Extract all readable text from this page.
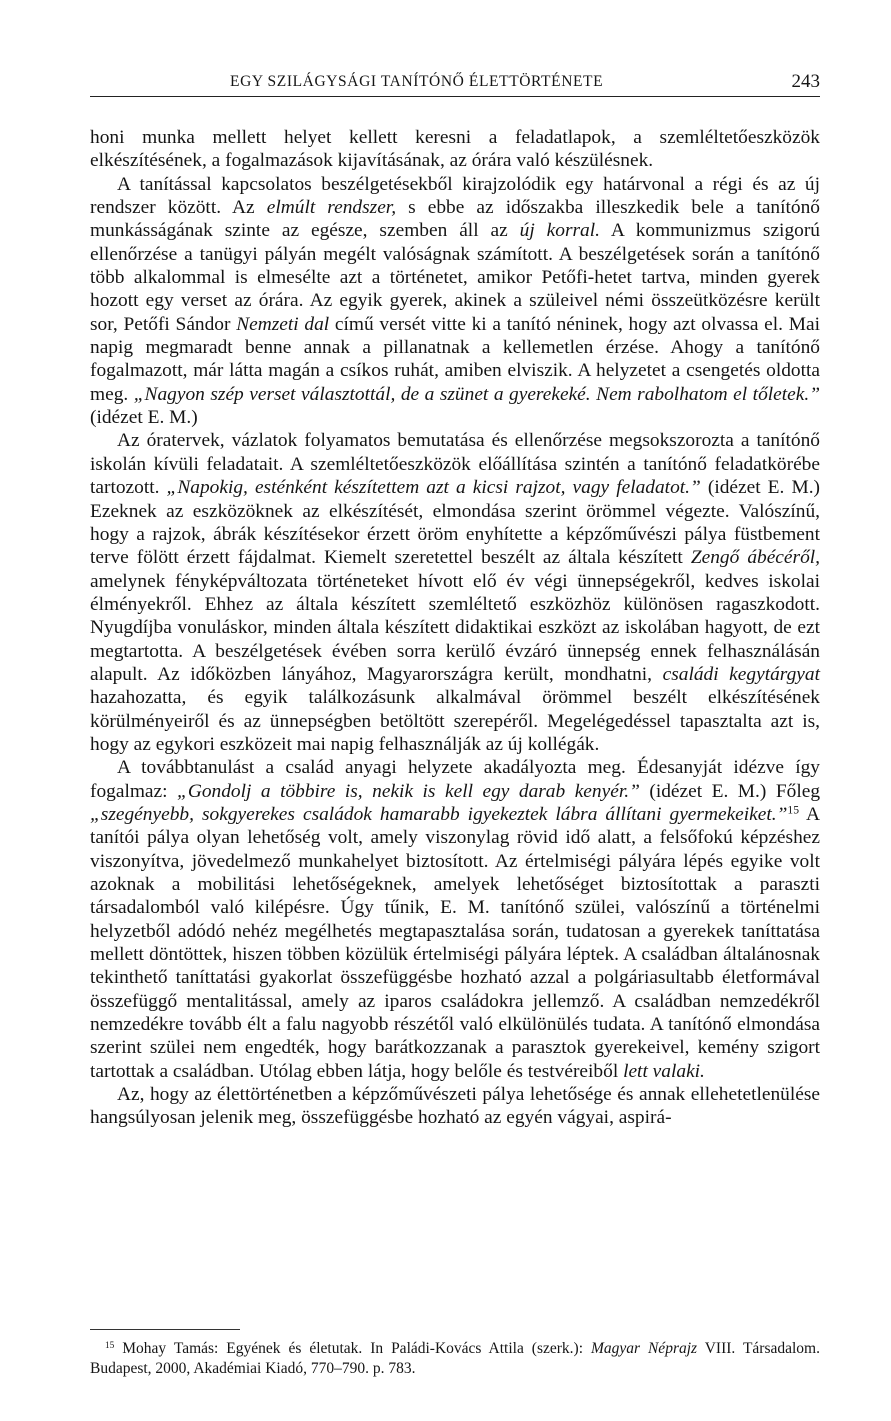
EGY SZILÁGYSÁGI TANÍTÓNŐ ÉLETTÖRTÉNETE	243

honi munka mellett helyet kellett keresni a feladatlapok, a szemléltetőeszközök elkészítésének, a fogalmazások kijavításának, az órára való készülésnek.

A tanítással kapcsolatos beszélgetésekből kirajzolódik egy határvonal a régi és az új rendszer között. Az elmúlt rendszer, s ebbe az időszakba illeszkedik bele a tanítónő munkásságának szinte az egésze, szemben áll az új korral. A kommunizmus szigorú ellenőrzése a tanügyi pályán megélt valóságnak számított. A beszélgetések során a tanítónő több alkalommal is elmesélte azt a történetet, amikor Petőfi-hetet tartva, minden gyerek hozott egy verset az órára. Az egyik gyerek, akinek a szüleivel némi összeütközésre került sor, Petőfi Sándor Nemzeti dal című versét vitte ki a tanító néninek, hogy azt olvassa el. Mai napig megmaradt benne annak a pillanatnak a kellemetlen érzése. Ahogy a tanítónő fogalmazott, már látta magán a csíkos ruhát, amiben elviszik. A helyzetet a csengetés oldotta meg. „Nagyon szép verset választottál, de a szünet a gyerekeké. Nem rabolhatom el tőletek.” (idézet E. M.)

Az óratervek, vázlatok folyamatos bemutatása és ellenőrzése megsokszorozta a tanítónő iskolán kívüli feladatait. A szemléltetőeszközök előállítása szintén a tanítónő feladatkörébe tartozott. „Napokig, esténként készítettem azt a kicsi rajzot, vagy feladatot.” (idézet E. M.) Ezeknek az eszközöknek az elkészítését, elmondása szerint örömmel végezte. Valószínű, hogy a rajzok, ábrák készítésekor érzett öröm enyhítette a képzőművészi pálya füstbement terve fölött érzett fájdalmat. Kiemelt szeretettel beszélt az általa készített Zengő ábécéről, amelynek fényképváltozata történeteket hívott elő év végi ünnepségekről, kedves iskolai élményekről. Ehhez az általa készített szemléltető eszközhöz különösen ragaszkodott. Nyugdíjba vonuláskor, minden általa készített didaktikai eszközt az iskolában hagyott, de ezt megtartotta. A beszélgetések évében sorra kerülő évzáró ünnepség ennek felhasználásán alapult. Az időközben lányához, Magyarországra került, mondhatni, családi kegytárgyat hazahozatta, és egyik találkozásunk alkalmával örömmel beszélt elkészítésének körülményeiről és az ünnepségben betöltött szerepéről. Megelégedéssel tapasztalta azt is, hogy az egykori eszközeit mai napig felhasználják az új kollégák.

A továbbtanulást a család anyagi helyzete akadályozta meg. Édesanyját idézve így fogalmaz: „Gondolj a többire is, nekik is kell egy darab kenyér.” (idézet E. M.) Főleg „szegényebb, sokgyerekes családok hamarabb igyekeztek lábra állítani gyermekeiket.”$^{15}$ A tanítói pálya olyan lehetőség volt, amely viszonylag rövid idő alatt, a felsőfokú képzéshez viszonyítva, jövedelmező munkahelyet biztosított. Az értelmiségi pályára lépés egyike volt azoknak a mobilitási lehetőségeknek, amelyek lehetőséget biztosítottak a paraszti társadalomból való kilépésre. Úgy tűnik, E. M. tanítónő szülei, valószínű a történelmi helyzetből adódó nehéz megélhetés megtapasztalása során, tudatosan a gyerekek taníttatása mellett döntöttek, hiszen többen közülük értelmiségi pályára léptek. A családban általánosnak tekinthető taníttatási gyakorlat összefüggésbe hozható azzal a polgáriasultabb életformával összefüggő mentalitással, amely az iparos családokra jellemző. A családban nemzedékről nemzedékre tovább élt a falu nagyobb részétől való elkülönülés tudata. A tanítónő elmondása szerint szülei nem engedték, hogy barátkozzanak a parasztok gyerekeivel, kemény szigort tartottak a családban. Utólag ebben látja, hogy belőle és testvéreiből lett valaki.

Az, hogy az élettörténetben a képzőművészeti pálya lehetősége és annak ellehetetlenülése hangsúlyosan jelenik meg, összefüggésbe hozható az egyén vágyai, aspirá-

$^{15}$ Mohay Tamás: Egyének és életutak. In Paládi-Kovács Attila (szerk.): Magyar Néprajz VIII. Társadalom. Budapest, 2000, Akadémiai Kiadó, 770–790. p. 783.
